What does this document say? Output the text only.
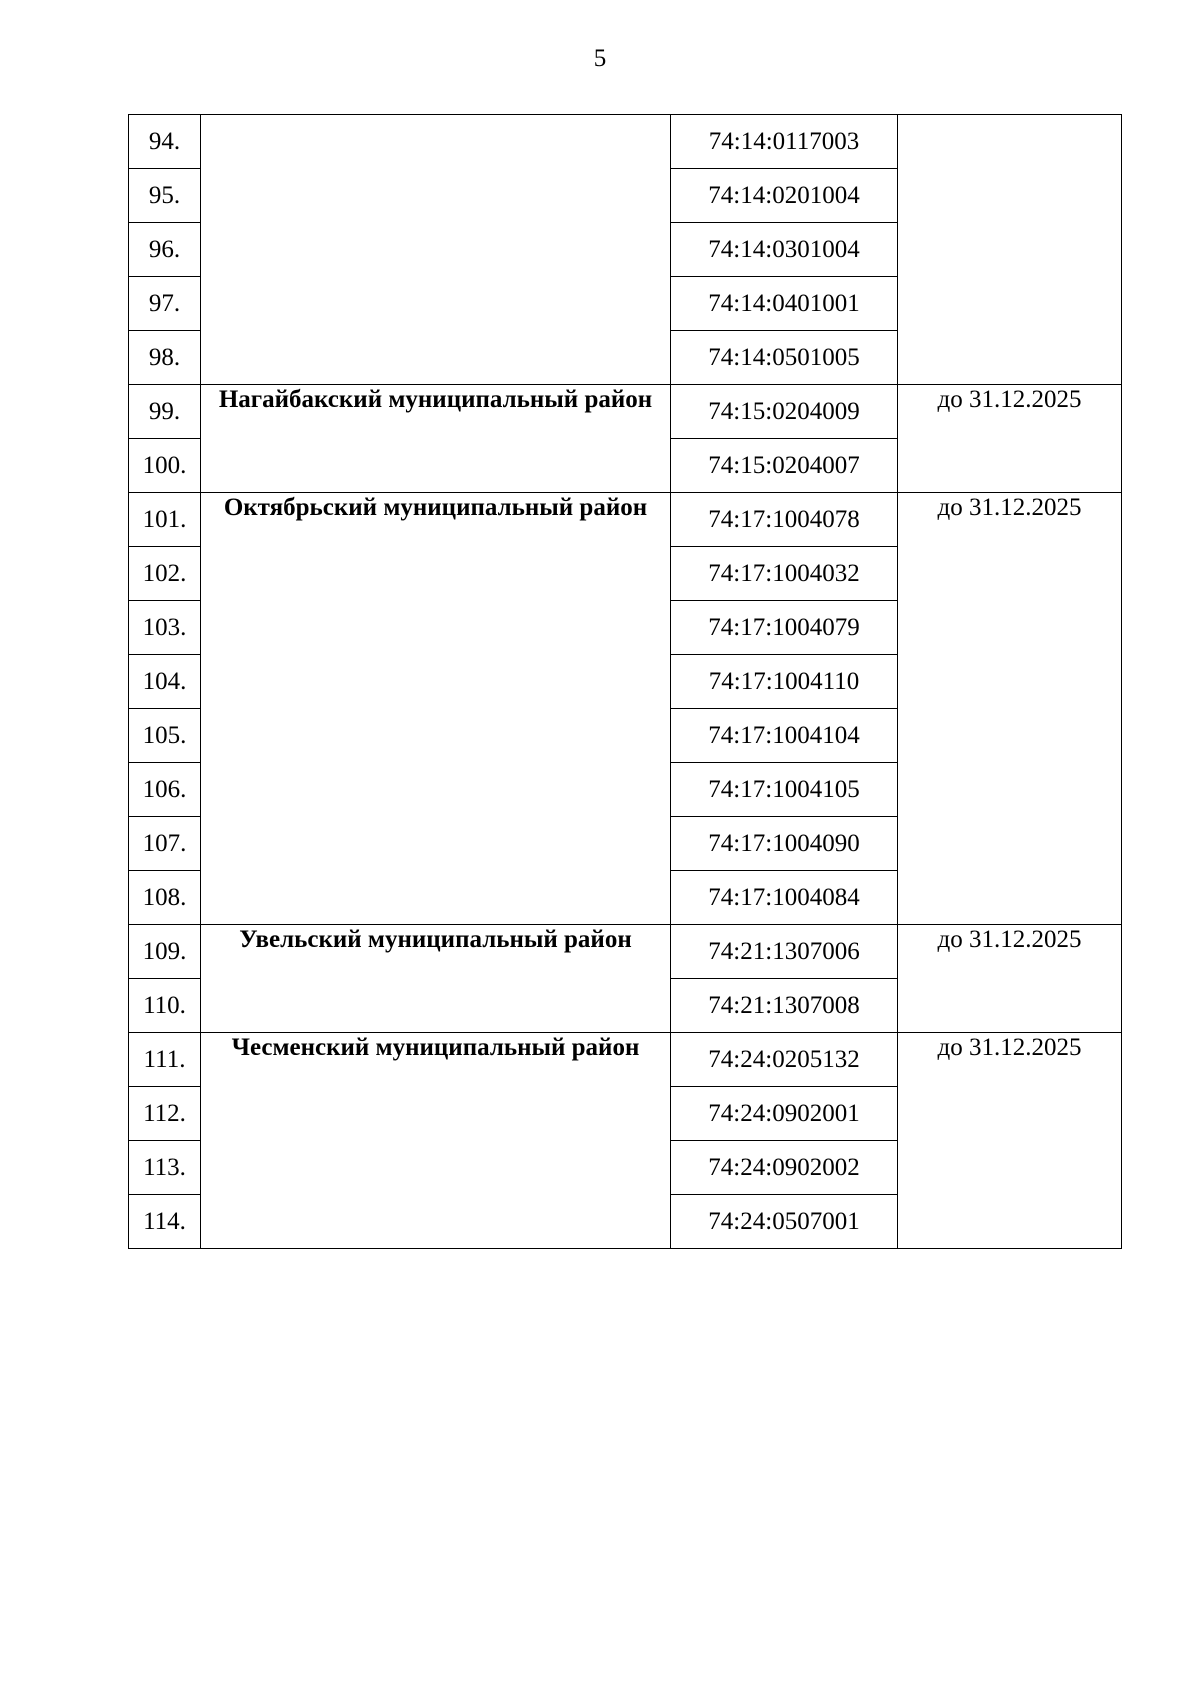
5
94.		74:14:0117003	
95.		74:14:0201004	
96.		74:14:0301004	
97.		74:14:0401001	
98.		74:14:0501005	
99.	Нагайбакский муниципальный район	74:15:0204009	до 31.12.2025
100.		74:15:0204007	
101.	Октябрьский муниципальный район	74:17:1004078	до 31.12.2025
102.		74:17:1004032	
103.		74:17:1004079	
104.		74:17:1004110	
105.		74:17:1004104	
106.		74:17:1004105	
107.		74:17:1004090	
108.		74:17:1004084	
109.	Увельский муниципальный район	74:21:1307006	до 31.12.2025
110.		74:21:1307008	
111.	Чесменский муниципальный район	74:24:0205132	до 31.12.2025
112.		74:24:0902001	
113.		74:24:0902002	
114.		74:24:0507001	
